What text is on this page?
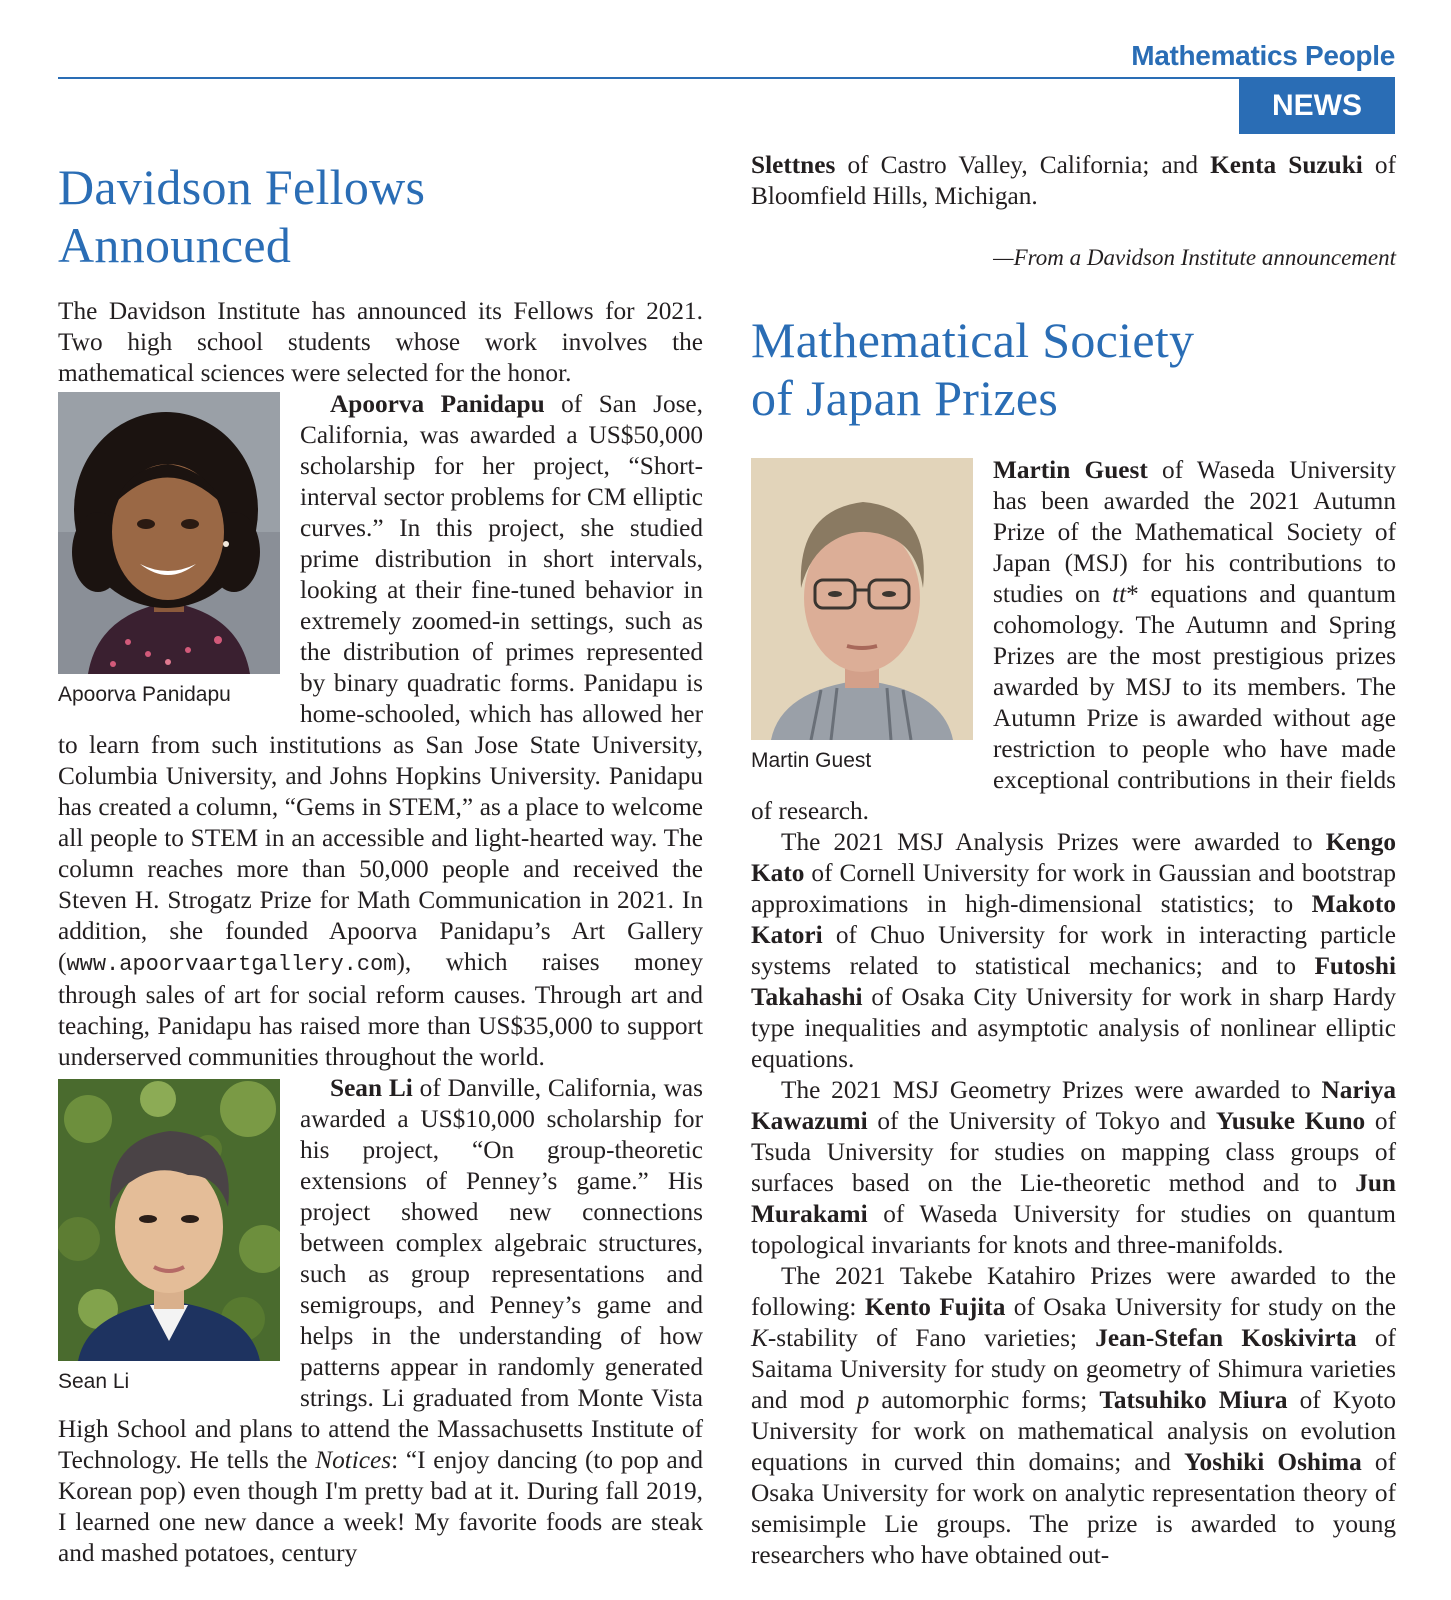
Mathematics People
NEWS
Davidson Fellows
Announced

The Davidson Institute has announced its Fellows for 2021. Two high school students whose work involves the mathematical sciences were selected for the honor.

Apoorva Panidapu

Apoorva Panidapu of San Jose, California, was awarded a US$50,000 scholarship for her project, “Short-interval sector problems for CM elliptic curves.” In this project, she studied prime distribution in short intervals, looking at their fine-tuned behavior in extremely zoomed-in settings, such as the distribution of primes represented by binary quadratic forms. Panidapu is home-schooled, which has allowed her to learn from such institutions as San Jose State University, Columbia University, and Johns Hopkins University. Panidapu has created a column, “Gems in STEM,” as a place to welcome all people to STEM in an accessible and light-hearted way. The column reaches more than 50,000 people and received the Steven H. Strogatz Prize for Math Communication in 2021. In addition, she founded Apoorva Panidapu’s Art Gallery (www.apoorvaartgallery.com), which raises money through sales of art for social reform causes. Through art and teaching, Panidapu has raised more than US$35,000 to support underserved communities throughout the world.

Sean Li

Sean Li of Danville, California, was awarded a US$10,000 scholarship for his project, “On group-theoretic extensions of Penney’s game.” His project showed new connections between complex algebraic structures, such as group representations and semigroups, and Penney’s game and helps in the understanding of how patterns appear in randomly generated strings. Li graduated from Monte Vista High School and plans to attend the Massachusetts Institute of Technology. He tells the Notices: “I enjoy dancing (to pop and Korean pop) even though I'm pretty bad at it. During fall 2019, I learned one new dance a week! My favorite foods are steak and mashed potatoes, century

Slettnes of Castro Valley, California; and Kenta Suzuki of Bloomfield Hills, Michigan.

—From a Davidson Institute announcement
Mathematical Society
of Japan Prizes
Martin Guest

Martin Guest of Waseda University has been awarded the 2021 Autumn Prize of the Mathematical Society of Japan (MSJ) for his contributions to studies on tt* equations and quantum cohomology. The Autumn and Spring Prizes are the most prestigious prizes awarded by MSJ to its members. The Autumn Prize is awarded without age restriction to people who have made exceptional contributions in their fields of research.

The 2021 MSJ Analysis Prizes were awarded to Kengo Kato of Cornell University for work in Gaussian and bootstrap approximations in high-dimensional statistics; to Makoto Katori of Chuo University for work in interacting particle systems related to statistical mechanics; and to Futoshi Takahashi of Osaka City University for work in sharp Hardy type inequalities and asymptotic analysis of nonlinear elliptic equations.

The 2021 MSJ Geometry Prizes were awarded to Nariya Kawazumi of the University of Tokyo and Yusuke Kuno of Tsuda University for studies on mapping class groups of surfaces based on the Lie-theoretic method and to Jun Murakami of Waseda University for studies on quantum topological invariants for knots and three-manifolds.

The 2021 Takebe Katahiro Prizes were awarded to the following: Kento Fujita of Osaka University for study on the K-stability of Fano varieties; Jean-Stefan Koskivirta of Saitama University for study on geometry of Shimura varieties and mod p automorphic forms; Tatsuhiko Miura of Kyoto University for work on mathematical analysis on evolution equations in curved thin domains; and Yoshiki Oshima of Osaka University for work on analytic representation theory of semisimple Lie groups. The prize is awarded to young researchers who have obtained out-
